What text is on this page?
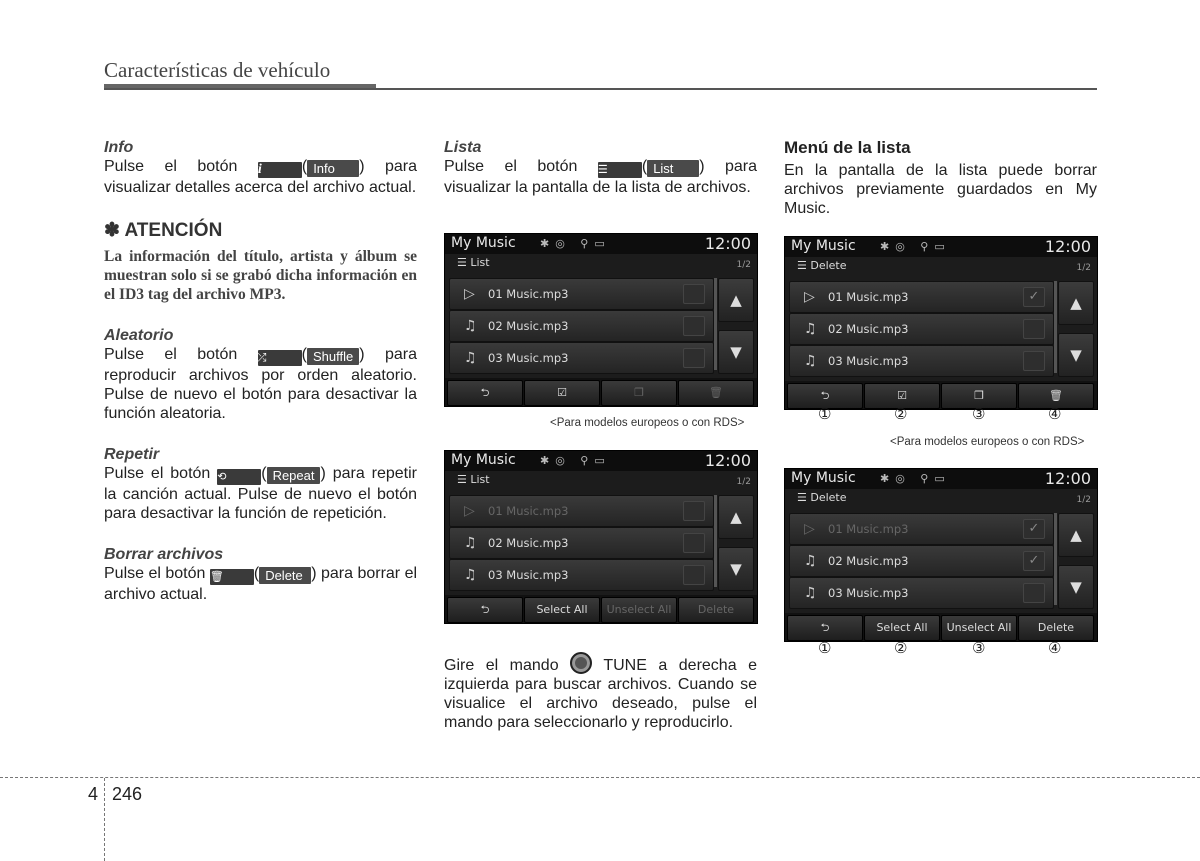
Características de vehículo

Info

Pulse el botón i	( Info ) para visualizar detalles acerca del archivo actual.

✽ ATENCIÓN

La información del título, artista y álbum se muestran solo si se grabó dicha información en el ID3 tag del archivo MP3.

Aleatorio

Pulse el botón ⤮ ( Shuffle ) para reproducir archivos por orden aleatorio. Pulse de nuevo el botón para desactivar la función aleatoria.

Repetir

Pulse el botón ⟲ ( Repeat ) para repetir la canción actual. Pulse de nuevo el botón para desactivar la función de repetición.

Borrar archivos

Pulse el botón 🗑 ( Delete ) para borrar el archivo actual.

Lista

Pulse el botón ☰ ( List ) para visualizar la pantalla de la lista de archivos.

My Music ✱◎ ⚲▭	12:00
☰ List	1/2
▷ 01 Music.mp3
♫ 02 Music.mp3
♫ 03 Music.mp3
▲
▼
⮌	☑	❐	🗑
<Para modelos europeos o con RDS>
My Music ✱◎ ⚲▭	12:00
☰ List	1/2
▷ 01 Music.mp3
♫ 02 Music.mp3
♫ 03 Music.mp3
▲
▼
⮌	Select All	Unselect All	Delete

Gire el mando	TUNE a derecha e izquierda para buscar archivos. Cuando se visualice el archivo deseado, pulse el mando para seleccionarlo y reproducirlo.

Menú de la lista

En la pantalla de la lista puede borrar archivos previamente guardados en My Music.

My Music ✱◎ ⚲▭	12:00
☰ Delete	1/2
▷ 01 Music.mp3	✓
♫ 02 Music.mp3
♫ 03 Music.mp3
▲
▼
⮌	☑	❐	🗑
①	②	③	④
<Para modelos europeos o con RDS>
My Music ✱◎ ⚲▭	12:00
☰ Delete	1/2
▷ 01 Music.mp3	✓
♫ 02 Music.mp3	✓
♫ 03 Music.mp3
▲
▼
⮌	Select All	Unselect All	Delete
①	②	③	④
4 246
